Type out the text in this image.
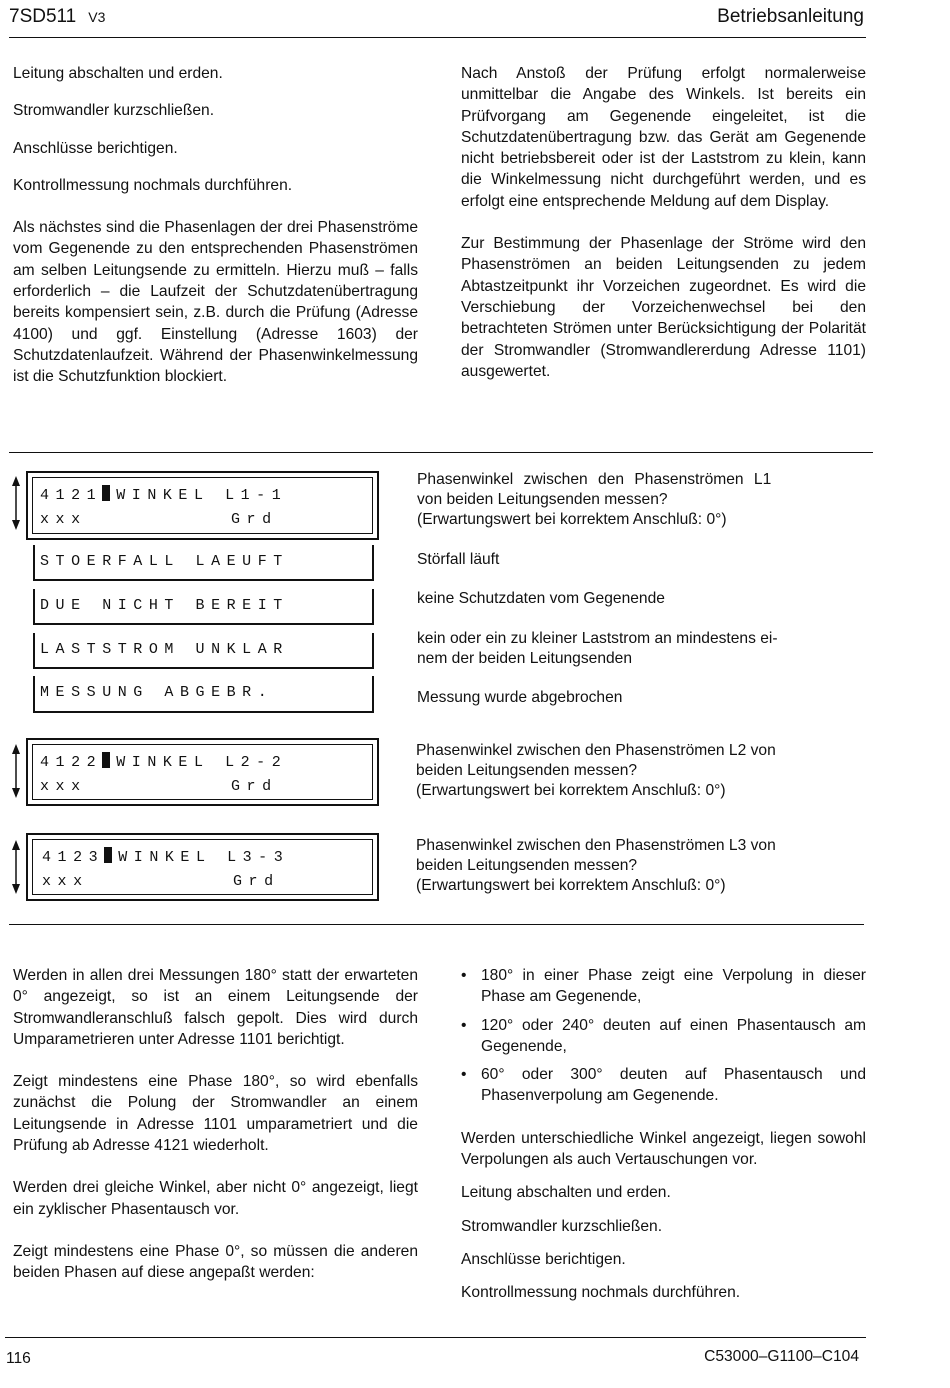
7SD511 V3	Betriebsanleitung

Leitung abschalten und erden.

Stromwandler kurzschließen.

Anschlüsse berichtigen.

Kontrollmessung nochmals durchführen.

Als nächstes sind die Phasenlagen der drei Phasenströme vom Gegenende zu den entsprechenden Phasenströmen am selben Leitungsende zu ermitteln. Hierzu muß – falls erforderlich – die Laufzeit der Schutzdatenübertragung bereits kompensiert sein, z.B. durch die Prüfung (Adresse 4100) und ggf. Einstellung (Adresse 1603) der Schutzdatenlaufzeit. Während der Phasenwinkelmessung ist die Schutzfunktion blockiert.

Nach Anstoß der Prüfung erfolgt normalerweise unmittelbar die Angabe des Winkels. Ist bereits ein Prüfvorgang am Gegenende eingeleitet, ist die Schutzdatenübertragung bzw. das Gerät am Gegenende nicht betriebsbereit oder ist der Laststrom zu klein, kann die Winkelmessung nicht durchgeführt werden, und es erfolgt eine entsprechende Meldung auf dem Display.

Zur Bestimmung der Phasenlage der Ströme wird den Phasenströmen an beiden Leitungsenden zu jedem Abtastzeitpunkt ihr Vorzeichen zugeordnet. Es wird die Verschiebung der Vorzeichenwechsel bei den betrachteten Strömen unter Berücksichtigung der Polarität der Stromwandler (Stromwandlererdung Adresse 1101) ausgewertet.

4121 WINKEL L1-1
xxx	Grd
Phasenwinkel zwischen den Phasenströmen L1
von beiden Leitungsenden messen?
(Erwartungswert bei korrektem Anschluß: 0°)
STOERFALL LAEUFT	Störfall läuft
DUE NICHT BEREIT	keine Schutzdaten vom Gegenende
LASTSTROM UNKLAR
kein oder ein zu kleiner Laststrom an mindestens ei-
nem der beiden Leitungsenden
MESSUNG ABGEBR.	Messung wurde abgebrochen
4122 WINKEL L2-2
xxx	Grd
Phasenwinkel zwischen den Phasenströmen L2 von
beiden Leitungsenden messen?
(Erwartungswert bei korrektem Anschluß: 0°)
4123 WINKEL L3-3
xxx	Grd
Phasenwinkel zwischen den Phasenströmen L3 von
beiden Leitungsenden messen?
(Erwartungswert bei korrektem Anschluß: 0°)

Werden in allen drei Messungen 180° statt der erwarteten 0° angezeigt, so ist an einem Leitungsende der Stromwandleranschluß falsch gepolt. Dies wird durch Umparametrieren unter Adresse 1101 berichtigt.

Zeigt mindestens eine Phase 180°, so wird ebenfalls zunächst die Polung der Stromwandler an einem Leitungsende in Adresse 1101 umparametriert und die Prüfung ab Adresse 4121 wiederholt.

Werden drei gleiche Winkel, aber nicht 0° angezeigt, liegt ein zyklischer Phasentausch vor.

Zeigt mindestens eine Phase 0°, so müssen die anderen beiden Phasen auf diese angepaßt werden:

• 180° in einer Phase zeigt eine Verpolung in dieser Phase am Gegenende,
• 120° oder 240° deuten auf einen Phasentausch am Gegenende,
• 60° oder 300° deuten auf Phasentausch und Phasenverpolung am Gegenende.

Werden unterschiedliche Winkel angezeigt, liegen sowohl Verpolungen als auch Vertauschungen vor.

Leitung abschalten und erden.

Stromwandler kurzschließen.

Anschlüsse berichtigen.

Kontrollmessung nochmals durchführen.

116	C53000–G1100–C104
